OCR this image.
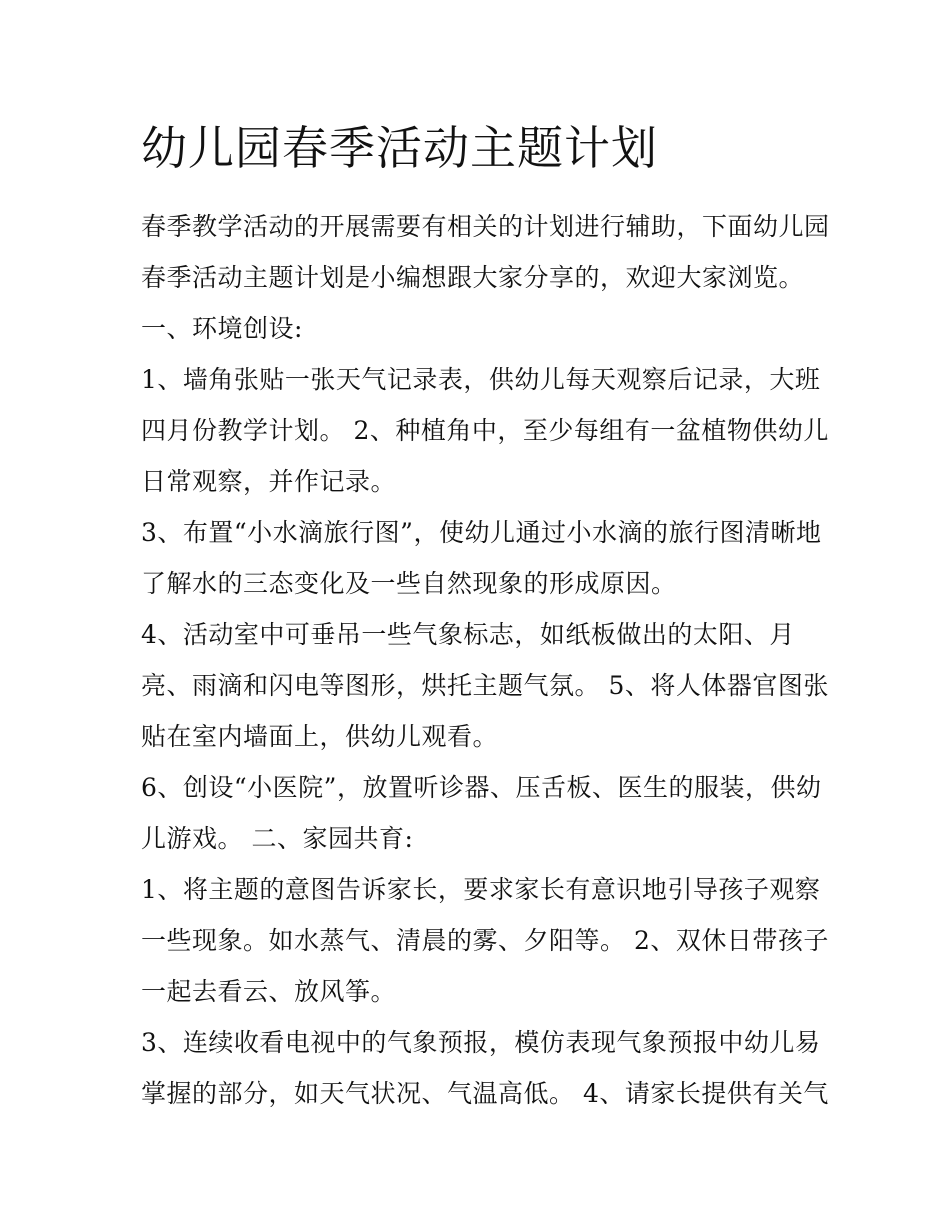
幼儿园春季活动主题计划

春季教学活动的开展需要有相关的计划进行辅助，下面幼儿园

春季活动主题计划是小编想跟大家分享的，欢迎大家浏览。

一、环境创设:

1、墙角张贴一张天气记录表，供幼儿每天观察后记录，大班

四月份教学计划。 2、种植角中，至少每组有一盆植物供幼儿

日常观察，并作记录。

3、布置“小水滴旅行图”，使幼儿通过小水滴的旅行图清晰地

了解水的三态变化及一些自然现象的形成原因。

4、活动室中可垂吊一些气象标志，如纸板做出的太阳、月

亮、雨滴和闪电等图形，烘托主题气氛。 5、将人体器官图张

贴在室内墙面上，供幼儿观看。

6、创设“小医院”，放置听诊器、压舌板、医生的服装，供幼

儿游戏。 二、家园共育:

1、将主题的意图告诉家长，要求家长有意识地引导孩子观察

一些现象。如水蒸气、清晨的雾、夕阳等。 2、双休日带孩子

一起去看云、放风筝。

3、连续收看电视中的气象预报，模仿表现气象预报中幼儿易

掌握的部分，如天气状况、气温高低。 4、请家长提供有关气
